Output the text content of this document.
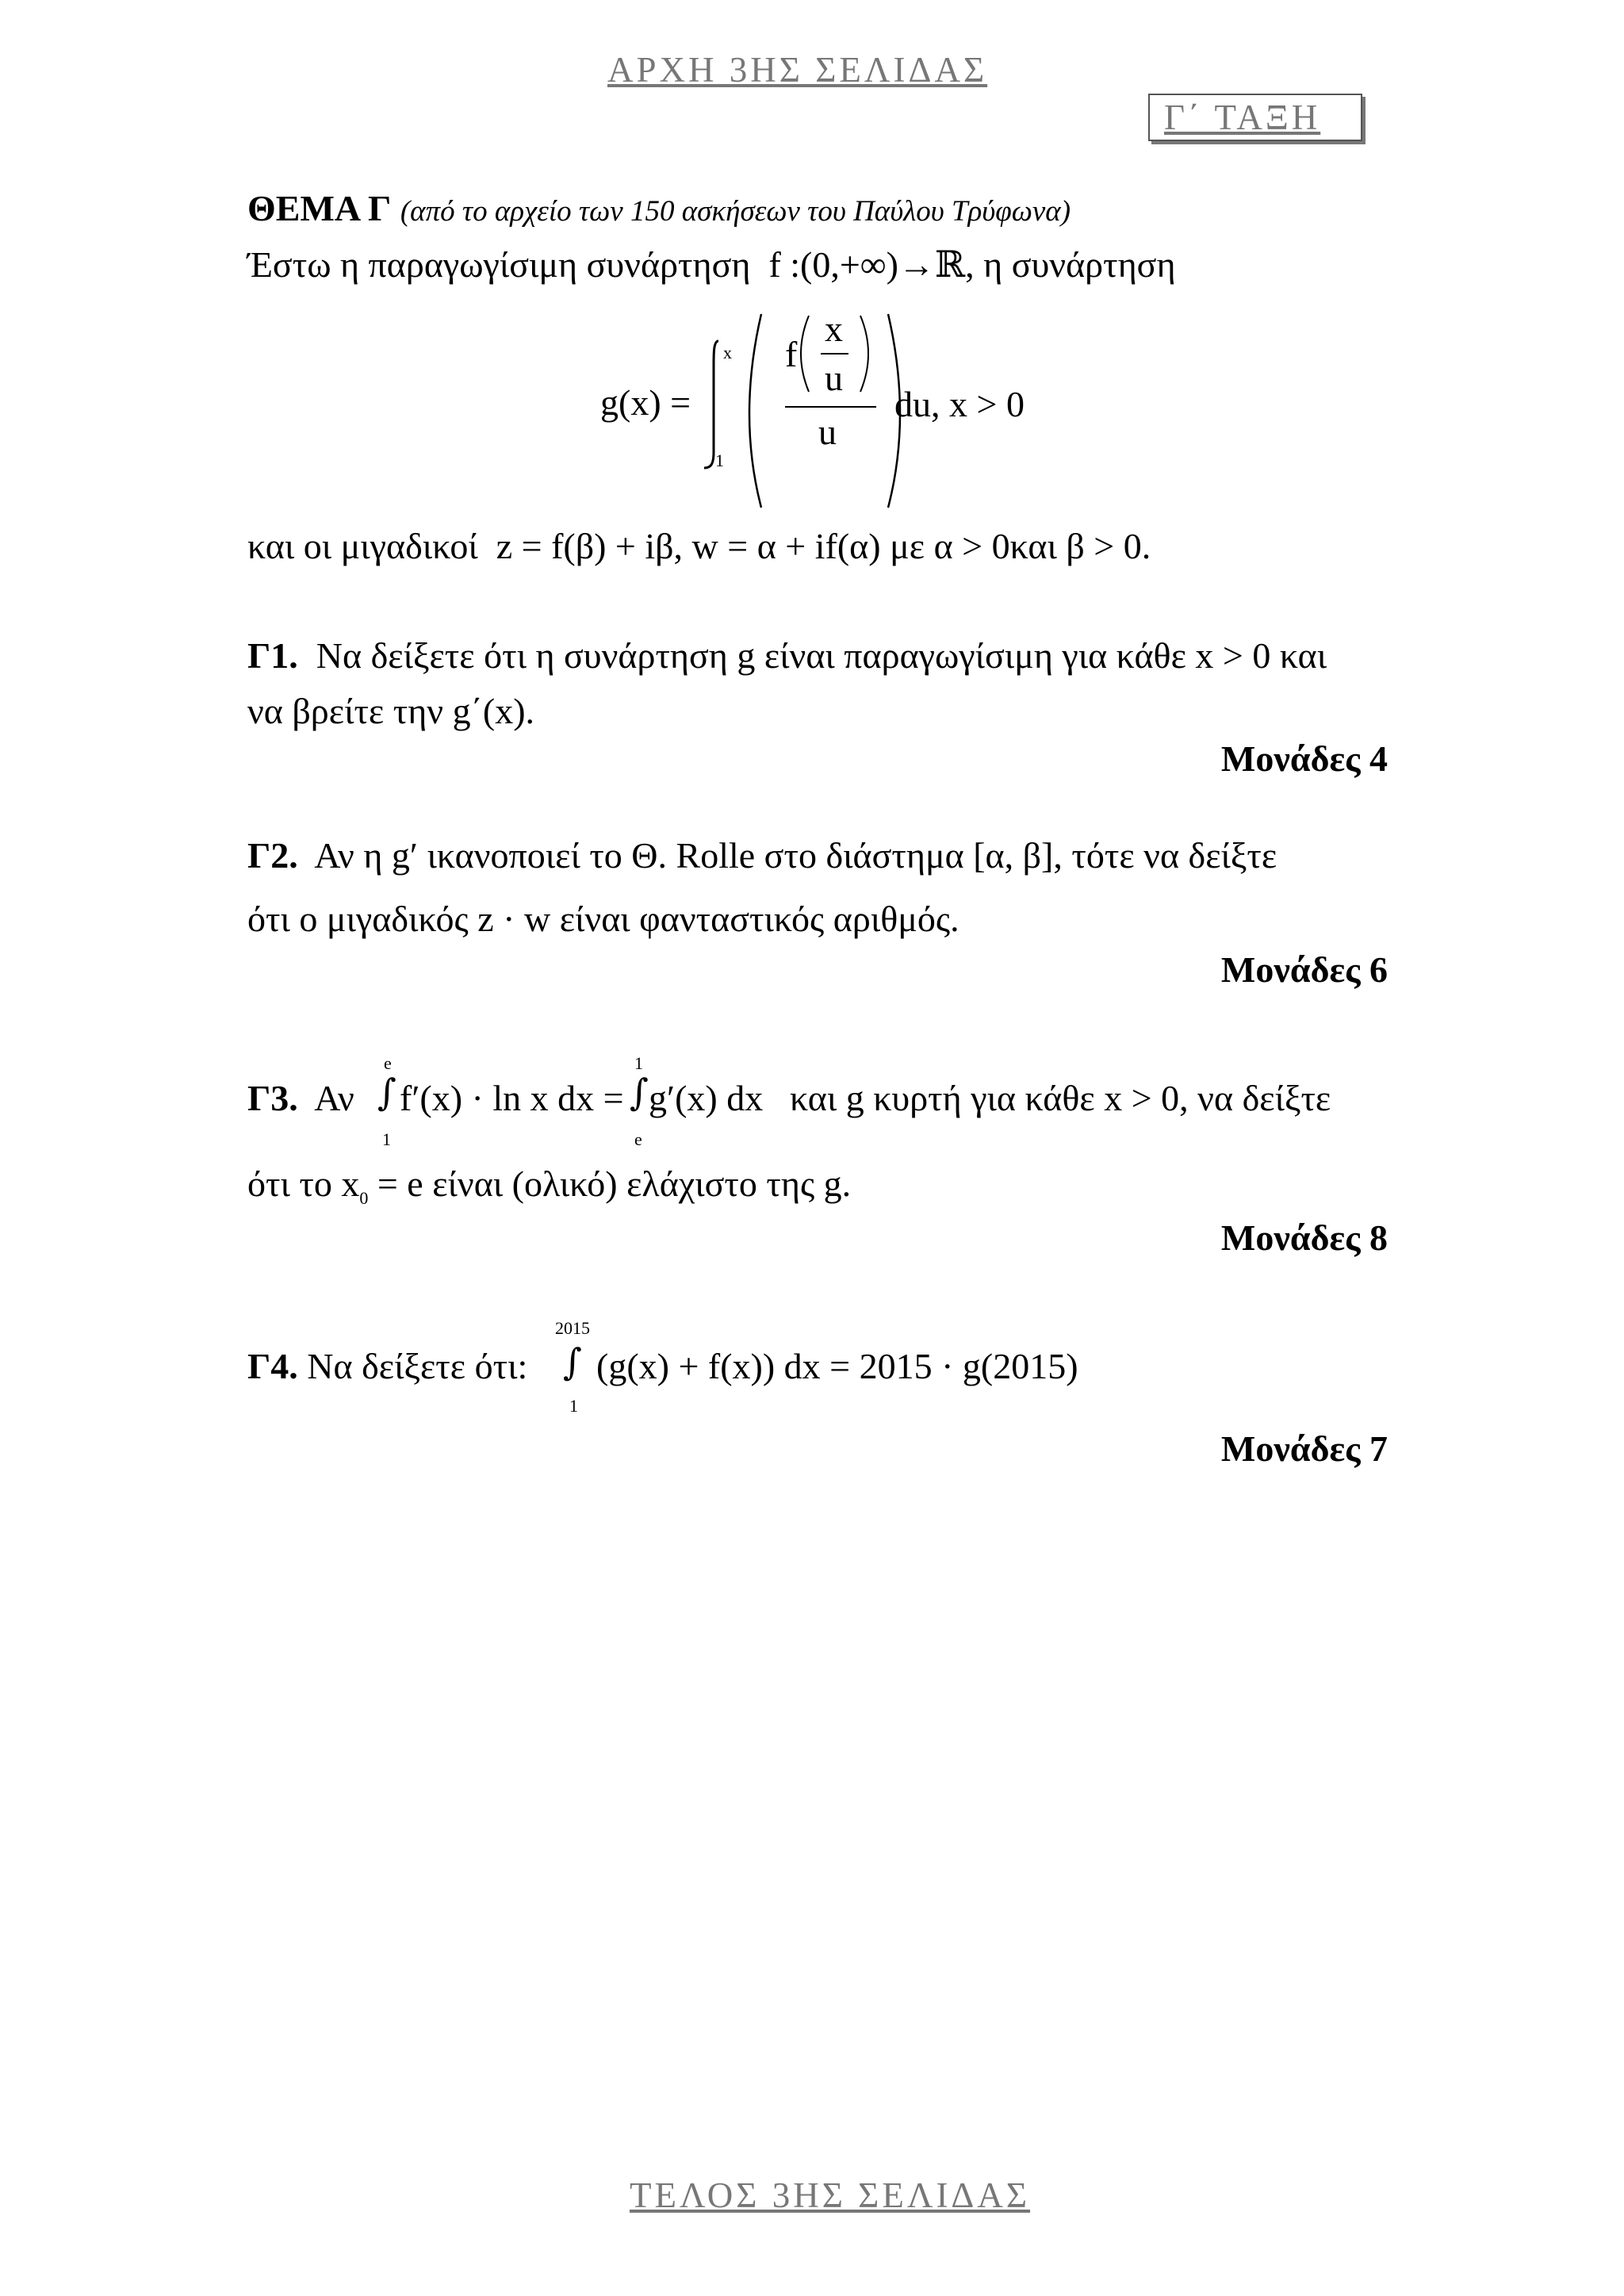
ΑΡΧΗ 3ΗΣ ΣΕΛΙΔΑΣ
Γ΄ ΤΑΞΗ
ΘΕΜΑ Γ (από το αρχείο των 150 ασκήσεων του Παύλου Τρύφωνα)
Έστω η παραγωγίσιμη συνάρτηση f :(0,+∞)→ℝ, η συνάρτηση
g(x) =
x
1
f
x
u
u
du, x > 0
και οι μιγαδικοί z = f(β) + iβ, w = α + if(α) με α > 0και β > 0.
Γ1. Να δείξετε ότι η συνάρτηση g είναι παραγωγίσιμη για κάθε x > 0 και
να βρείτε την g΄(x).
Μονάδες 4
Γ2. Αν η g′ ικανοποιεί το Θ. Rolle στο διάστημα [α, β], τότε να δείξτε
ότι ο μιγαδικός z · w είναι φανταστικός αριθμός.
Μονάδες 6
Γ3. Αν
e
1
∫ f′(x) · ln x dx =
1
e
∫ g′(x) dx και g κυρτή για κάθε x > 0, να δείξτε
ότι το $x_0 = e$ είναι (ολικό) ελάχιστο της g.
Μονάδες 8
Γ4. Να δείξετε ότι:
2015
1
∫ (g(x) + f(x)) dx = 2015 · g(2015)
Μονάδες 7
ΤΕΛΟΣ 3ΗΣ ΣΕΛΙΔΑΣ
